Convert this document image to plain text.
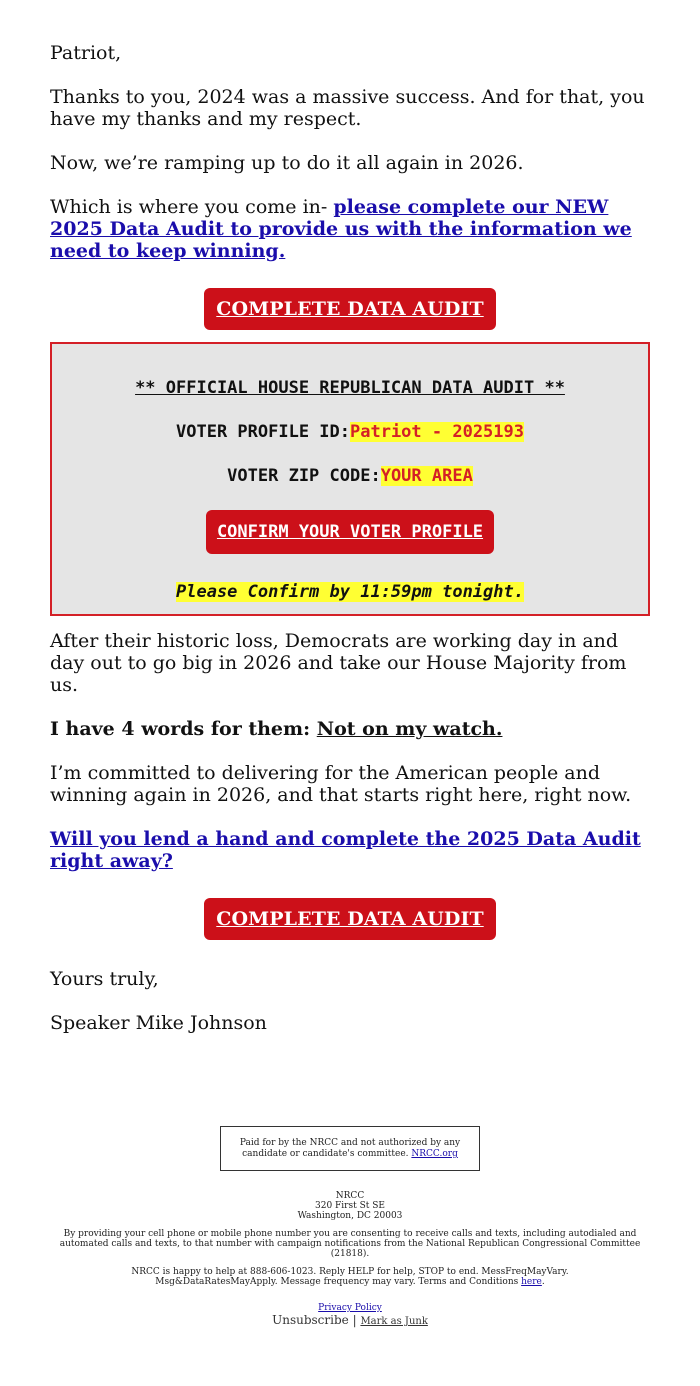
Patriot,

Thanks to you, 2024 was a massive success. And for that, you have my thanks and my respect.

Now, we’re ramping up to do it all again in 2026.

Which is where you come in- please complete our NEW 2025 Data Audit to provide us with the information we need to keep winning.

COMPLETE DATA AUDIT
** OFFICIAL HOUSE REPUBLICAN DATA AUDIT **
VOTER PROFILE ID:Patriot - 2025193
VOTER ZIP CODE:YOUR AREA
CONFIRM YOUR VOTER PROFILE
Please Confirm by 11:59pm tonight.

After their historic loss, Democrats are working day in and day out to go big in 2026 and take our House Majority from us.

I have 4 words for them: Not on my watch.

I’m committed to delivering for the American people and winning again in 2026, and that starts right here, right now.

Will you lend a hand and complete the 2025 Data Audit right away?

COMPLETE DATA AUDIT

Yours truly,

Speaker Mike Johnson

Paid for by the NRCC and not authorized by any candidate or candidate's committee. NRCC.org
NRCC
320 First St SE
Washington, DC 20003
By providing your cell phone or mobile phone number you are consenting to receive calls and texts, including autodialed and automated calls and texts, to that number with campaign notifications from the National Republican Congressional Committee (21818).
NRCC is happy to help at 888-606-1023. Reply HELP for help, STOP to end. MessFreqMayVary. Msg&DataRatesMayApply. Message frequency may vary. Terms and Conditions here.
Privacy Policy
Unsubscribe | Mark as Junk
